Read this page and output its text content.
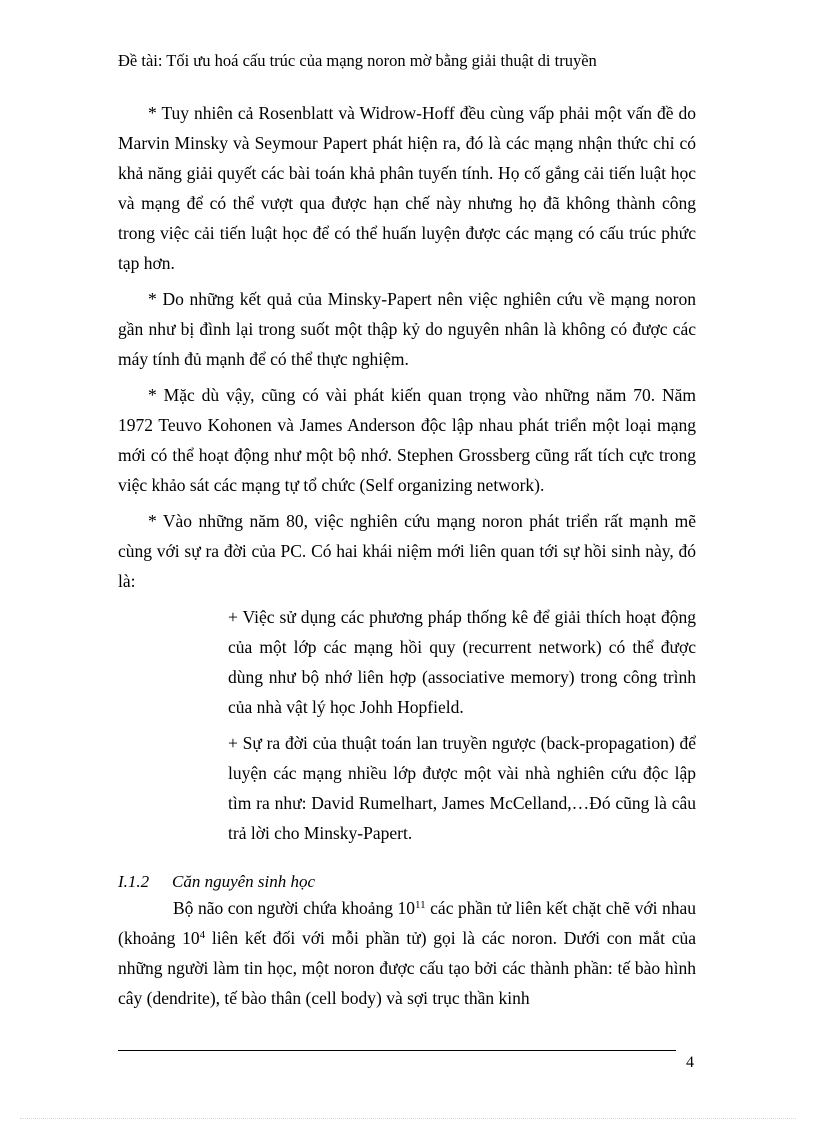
Đề tài: Tối ưu hoá cấu trúc của mạng noron mờ bằng giải thuật di truyền

* Tuy nhiên cả Rosenblatt và Widrow-Hoff đều cùng vấp phải một vấn đề do Marvin Minsky và Seymour Papert phát hiện ra, đó là các mạng nhận thức chỉ có khả năng giải quyết các bài toán khả phân tuyến tính. Họ cố gắng cải tiến luật học và mạng để có thể vượt qua được hạn chế này nhưng họ đã không thành công trong việc cải tiến luật học để có thể huấn luyện được các mạng có cấu trúc phức tạp hơn.

* Do những kết quả của Minsky-Papert nên việc nghiên cứu về mạng noron gần như bị đình lại trong suốt một thập kỷ do nguyên nhân là không có được các máy tính đủ mạnh để có thể thực nghiệm.

* Mặc dù vậy, cũng có vài phát kiến quan trọng vào những năm 70. Năm 1972 Teuvo Kohonen và James Anderson độc lập nhau phát triển một loại mạng mới có thể hoạt động như một bộ nhớ. Stephen Grossberg cũng rất tích cực trong việc khảo sát các mạng tự tổ chức (Self organizing network).

* Vào những năm 80, việc nghiên cứu mạng noron phát triển rất mạnh mẽ cùng với sự ra đời của PC. Có hai khái niệm mới liên quan tới sự hồi sinh này, đó là:

+ Việc sử dụng các phương pháp thống kê để giải thích hoạt động của một lớp các mạng hồi quy (recurrent network) có thể được dùng như bộ nhớ liên hợp (associative memory) trong công trình của nhà vật lý học Johh Hopfield.

+ Sự ra đời của thuật toán lan truyền ngược (back-propagation) để luyện các mạng nhiều lớp được một vài nhà nghiên cứu độc lập tìm ra như: David Rumelhart, James McCelland,…Đó cũng là câu trả lời cho Minsky-Papert.

I.1.2 Căn nguyên sinh học

Bộ não con người chứa khoảng $10^{11}$ các phần tử liên kết chặt chẽ với nhau (khoảng $10^4$ liên kết đối với mỗi phần tử) gọi là các noron. Dưới con mắt của những người làm tin học, một noron được cấu tạo bởi các thành phần: tế bào hình cây (dendrite), tế bào thân (cell body) và sợi trục thần kinh

4
